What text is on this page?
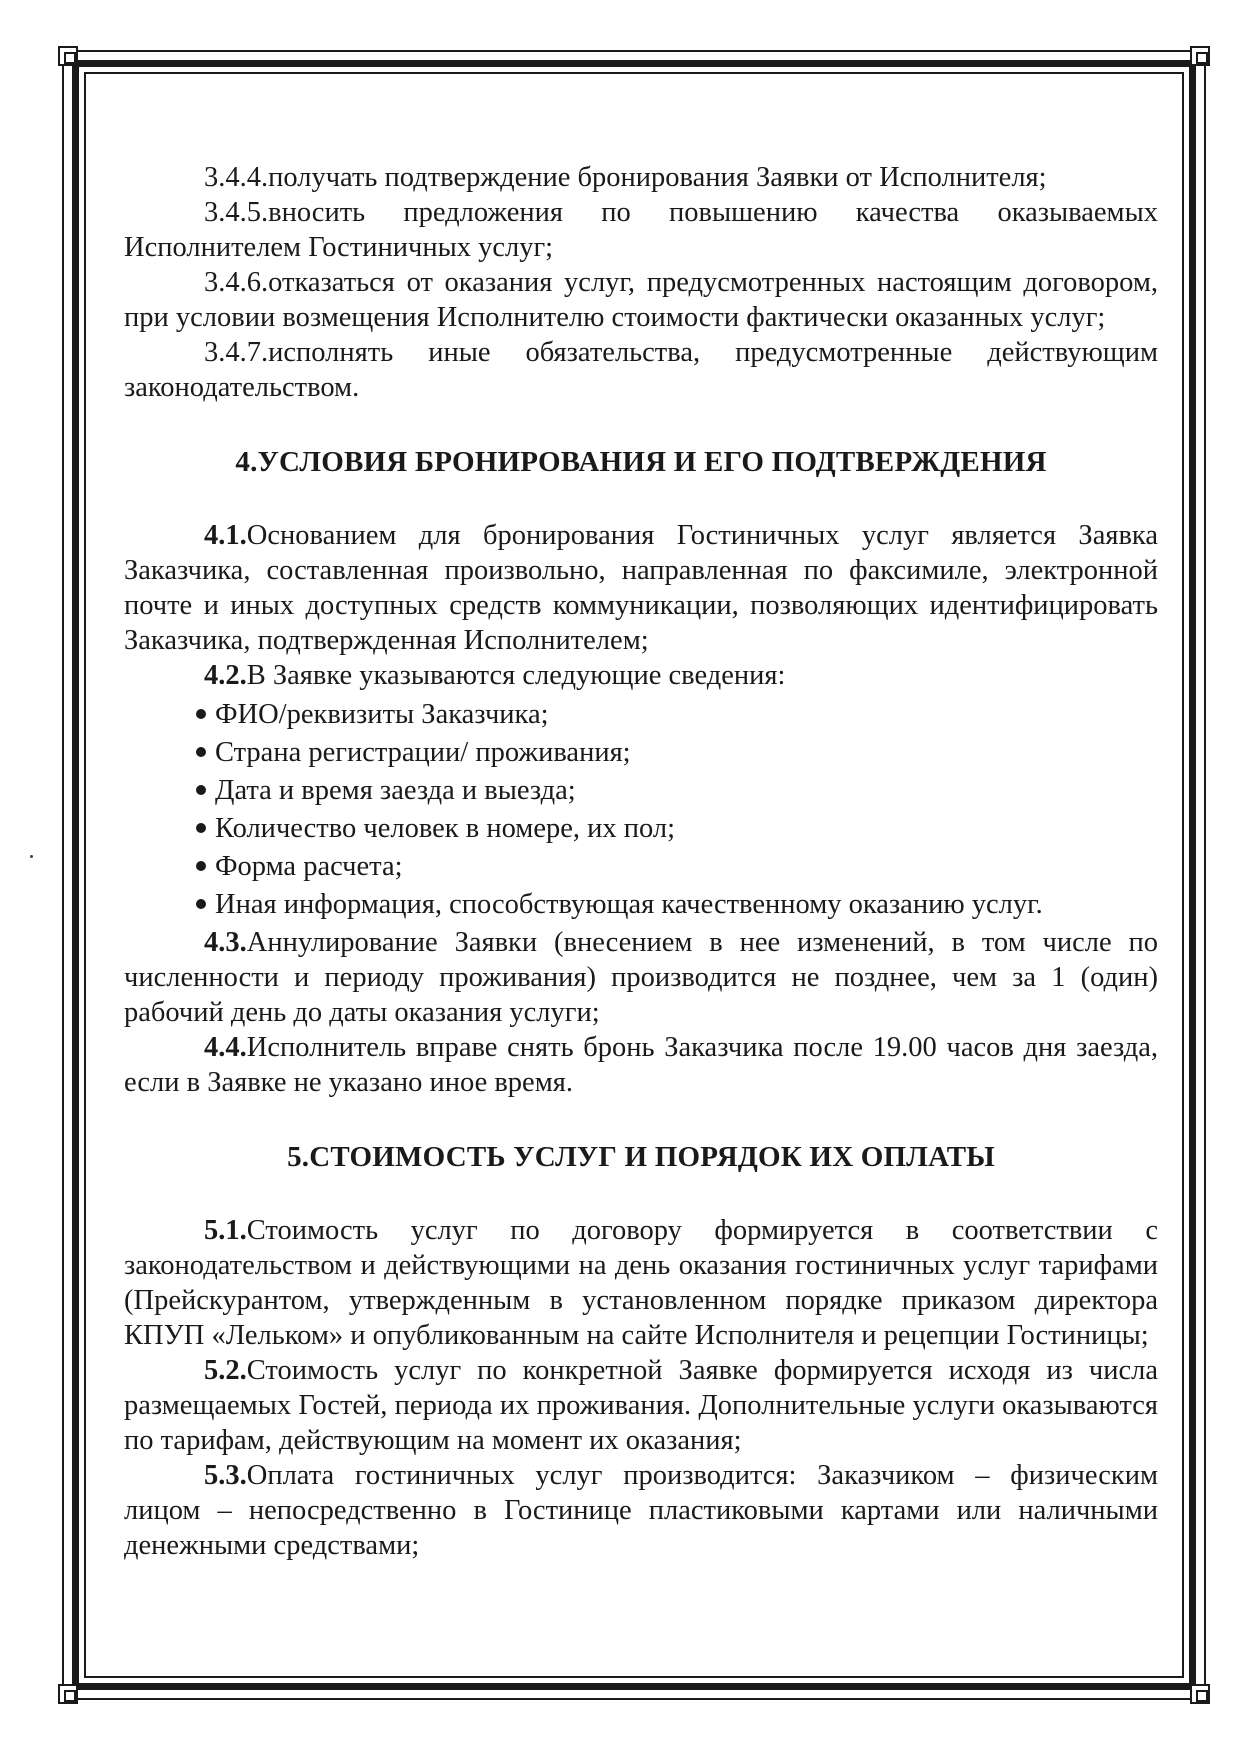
3.4.4.получать подтверждение бронирования Заявки от Исполнителя;

3.4.5.вносить предложения по повышению качества оказываемых Исполнителем Гостиничных услуг;

3.4.6.отказаться от оказания услуг, предусмотренных настоящим договором, при условии возмещения Исполнителю стоимости фактически оказанных услуг;

3.4.7.исполнять иные обязательства, предусмотренные действующим законодательством.

4.УСЛОВИЯ БРОНИРОВАНИЯ И ЕГО ПОДТВЕРЖДЕНИЯ

4.1.Основанием для бронирования Гостиничных услуг является Заявка Заказчика, составленная произвольно, направленная по факсимиле, электронной почте и иных доступных средств коммуникации, позволяющих идентифицировать Заказчика, подтвержденная Исполнителем;

4.2.В Заявке указываются следующие сведения:

ФИО/реквизиты Заказчика;
Страна регистрации/ проживания;
Дата и время заезда и выезда;
Количество человек в номере, их пол;
Форма расчета;
Иная информация, способствующая качественному оказанию услуг.

4.3.Аннулирование Заявки (внесением в нее изменений, в том числе по численности и периоду проживания) производится не позднее, чем за 1 (один) рабочий день до даты оказания услуги;

4.4.Исполнитель вправе снять бронь Заказчика после 19.00 часов дня заезда, если в Заявке не указано иное время.

5.СТОИМОСТЬ УСЛУГ И ПОРЯДОК ИХ ОПЛАТЫ

5.1.Стоимость услуг по договору формируется в соответствии с законодательством и действующими на день оказания гостиничных услуг тарифами (Прейскурантом, утвержденным в установленном порядке приказом директора КПУП «Лельком» и опубликованным на сайте Исполнителя и рецепции Гостиницы;

5.2.Стоимость услуг по конкретной Заявке формируется исходя из числа размещаемых Гостей, периода их проживания. Дополнительные услуги оказываются по тарифам, действующим на момент их оказания;

5.3.Оплата гостиничных услуг производится: Заказчиком – физическим лицом – непосредственно в Гостинице пластиковыми картами или наличными денежными средствами;
